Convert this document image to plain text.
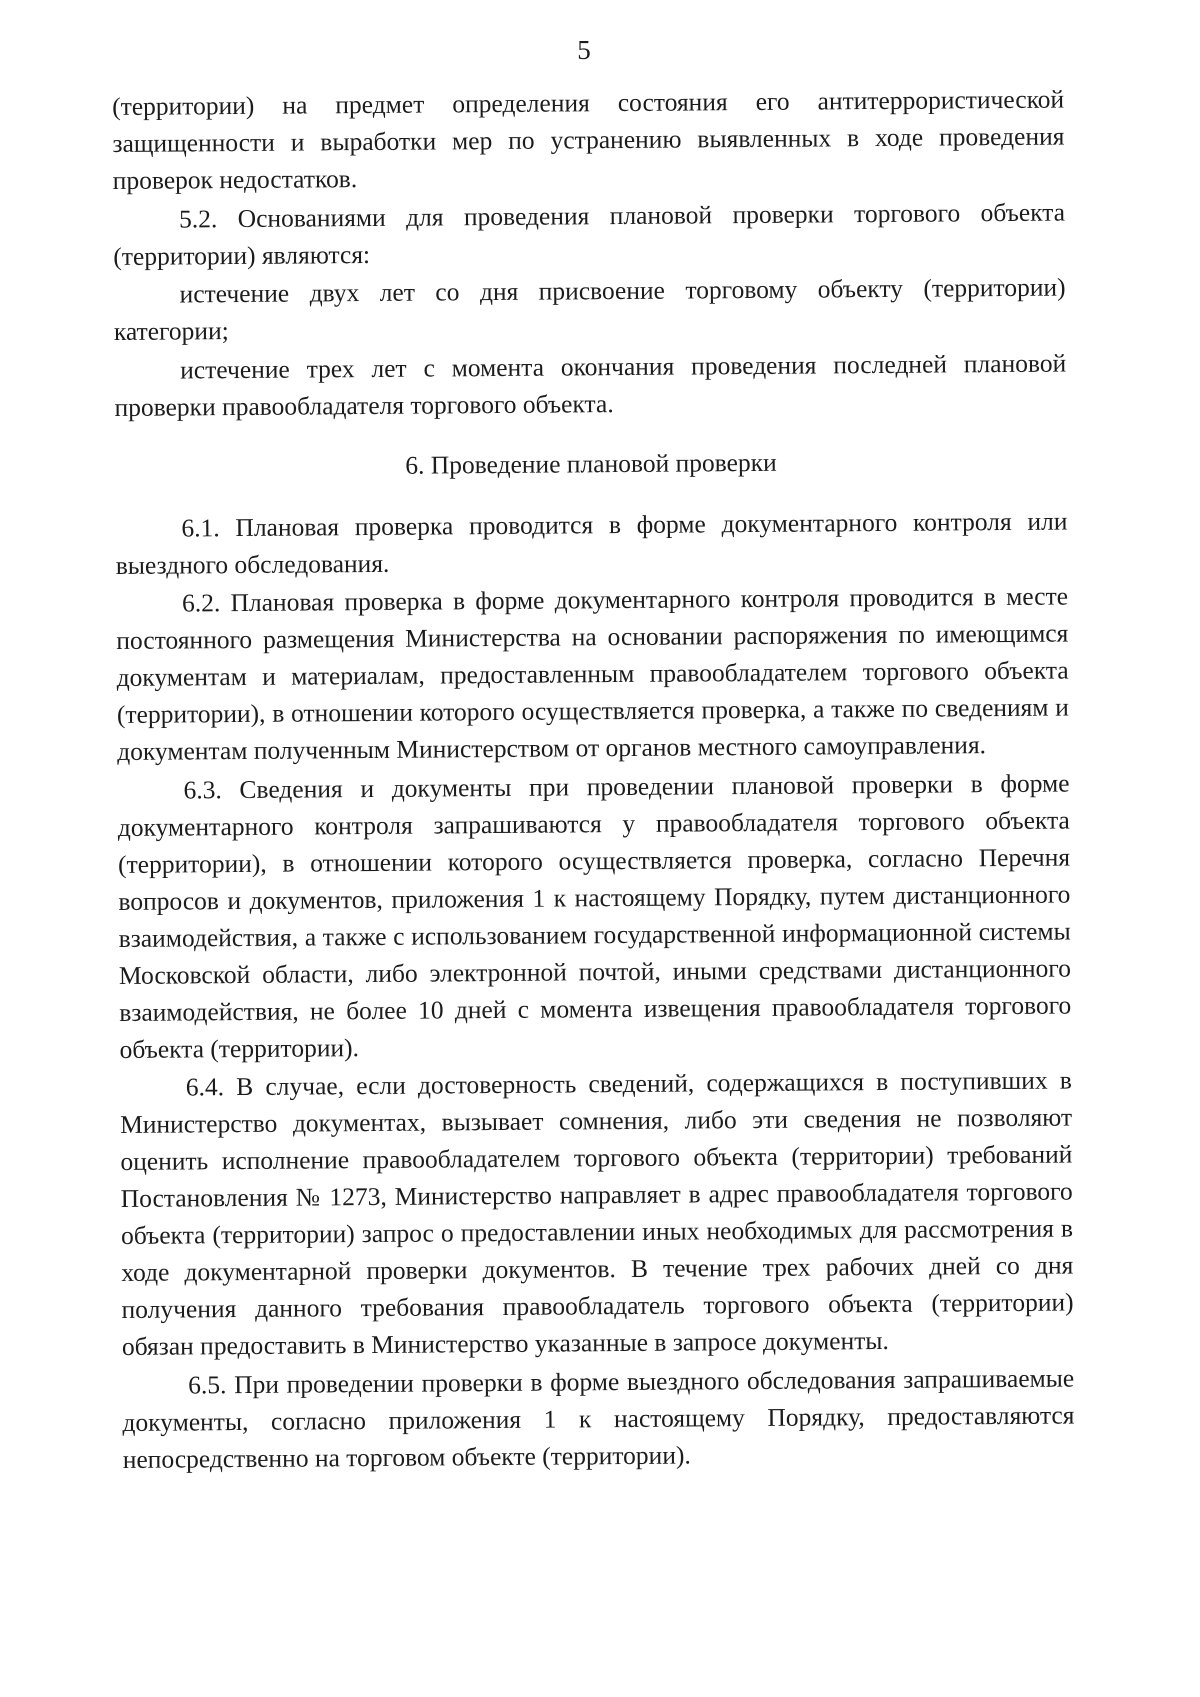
5

(территории) на предмет определения состояния его антитеррористической защищенности и выработки мер по устранению выявленных в ходе проведения проверок недостатков.

5.2. Основаниями для проведения плановой проверки торгового объекта (территории) являются:

истечение двух лет со дня присвоение торговому объекту (территории) категории;

истечение трех лет с момента окончания проведения последней плановой проверки правообладателя торгового объекта.

6. Проведение плановой проверки

6.1. Плановая проверка проводится в форме документарного контроля или выездного обследования.

6.2. Плановая проверка в форме документарного контроля проводится в месте постоянного размещения Министерства на основании распоряжения по имеющимся документам и материалам, предоставленным правообладателем торгового объекта (территории), в отношении которого осуществляется проверка, а также по сведениям и документам полученным Министерством от органов местного самоуправления.

6.3. Сведения и документы при проведении плановой проверки в форме документарного контроля запрашиваются у правообладателя торгового объекта (территории), в отношении которого осуществляется проверка, согласно Перечня вопросов и документов, приложения 1 к настоящему Порядку, путем дистанционного взаимодействия, а также с использованием государственной информационной системы Московской области, либо электронной почтой, иными средствами дистанционного взаимодействия, не более 10 дней с момента извещения правообладателя торгового объекта (территории).

6.4. В случае, если достоверность сведений, содержащихся в поступивших в Министерство документах, вызывает сомнения, либо эти сведения не позволяют оценить исполнение правообладателем торгового объекта (территории) требований Постановления № 1273, Министерство направляет в адрес правообладателя торгового объекта (территории) запрос о предоставлении иных необходимых для рассмотрения в ходе документарной проверки документов. В течение трех рабочих дней со дня получения данного требования правообладатель торгового объекта (территории) обязан предоставить в Министерство указанные в запросе документы.

6.5. При проведении проверки в форме выездного обследования запрашиваемые документы, согласно приложения 1 к настоящему Порядку, предоставляются непосредственно на торговом объекте (территории).
